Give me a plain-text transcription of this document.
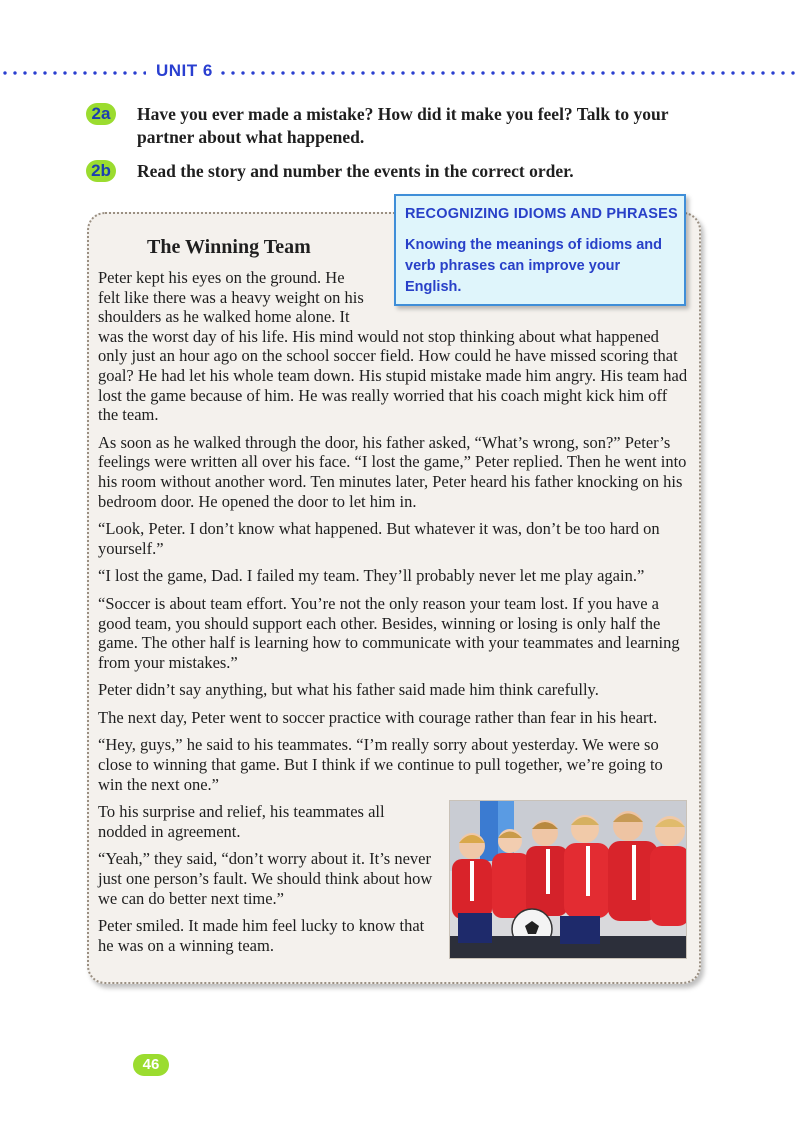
UNIT 6
2a	Have you ever made a mistake? How did it make you feel? Talk to your partner about what happened.
2b Read the story and number the events in the correct order.
The Winning Team

Peter kept his eyes on the ground. He felt like there was a heavy weight on his shoulders as he walked home alone. It was the worst day of his life. His mind would not stop thinking about what happened only just an hour ago on the school soccer field. How could he have missed scoring that goal? He had let his whole team down. His stupid mistake made him angry. His team had lost the game because of him. He was really worried that his coach might kick him off the team.

As soon as he walked through the door, his father asked, “What’s wrong, son?” Peter’s feelings were written all over his face. “I lost the game,” Peter replied. Then he went into his room without another word. Ten minutes later, Peter heard his father knocking on his bedroom door. He opened the door to let him in.

“Look, Peter. I don’t know what happened. But whatever it was, don’t be too hard on yourself.”

“I lost the game, Dad. I failed my team. They’ll probably never let me play again.”

“Soccer is about team effort. You’re not the only reason your team lost. If you have a good team, you should support each other. Besides, winning or losing is only half the game. The other half is learning how to communicate with your teammates and learning from your mistakes.”

Peter didn’t say anything, but what his father said made him think carefully.

The next day, Peter went to soccer practice with courage rather than fear in his heart.

“Hey, guys,” he said to his teammates. “I’m really sorry about yesterday. We were so close to winning that game. But I think if we continue to pull together, we’re going to win the next one.”

To his surprise and relief, his teammates all nodded in agreement.

“Yeah,” they said, “don’t worry about it. It’s never just one person’s fault. We should think about how we can do better next time.”

Peter smiled. It made him feel lucky to know that he was on a winning team.

RECOGNIZING IDIOMS AND PHRASES
Knowing the meanings of idioms and verb phrases can improve your English.
46
